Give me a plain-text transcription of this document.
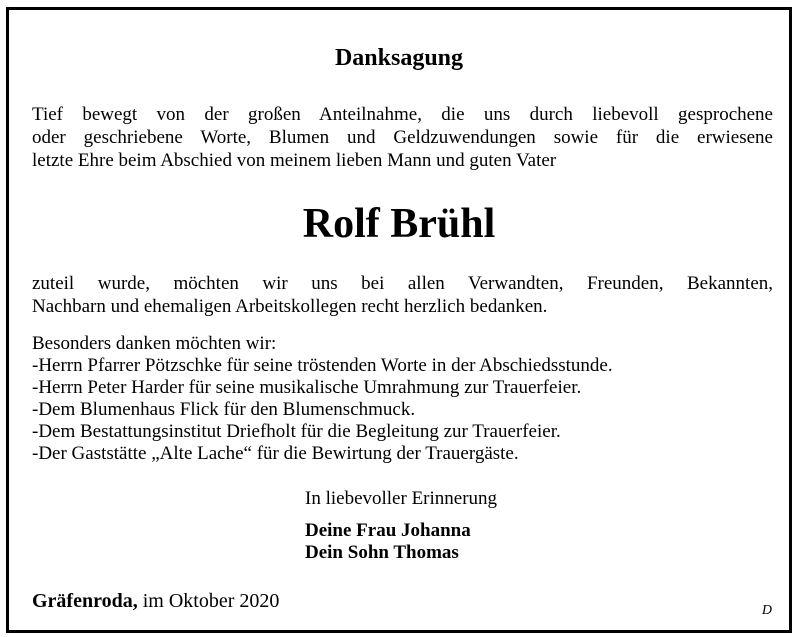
Danksagung
Tief bewegt von der großen Anteilnahme, die uns durch liebevoll gesprochene
oder geschriebene Worte, Blumen und Geldzuwendungen sowie für die erwiesene
letzte Ehre beim Abschied von meinem lieben Mann und guten Vater
Rolf Brühl
zuteil wurde, möchten wir uns bei allen Verwandten, Freunden, Bekannten,
Nachbarn und ehemaligen Arbeitskollegen recht herzlich bedanken.
Besonders danken möchten wir:
-Herrn Pfarrer Pötzschke für seine tröstenden Worte in der Abschiedsstunde.
-Herrn Peter Harder für seine musikalische Umrahmung zur Trauerfeier.
-Dem Blumenhaus Flick für den Blumenschmuck.
-Dem Bestattungsinstitut Driefholt für die Begleitung zur Trauerfeier.
-Der Gaststätte „Alte Lache“ für die Bewirtung der Trauergäste.
In liebevoller Erinnerung
Deine Frau Johanna
Dein Sohn Thomas
Gräfenroda, im Oktober 2020	D
